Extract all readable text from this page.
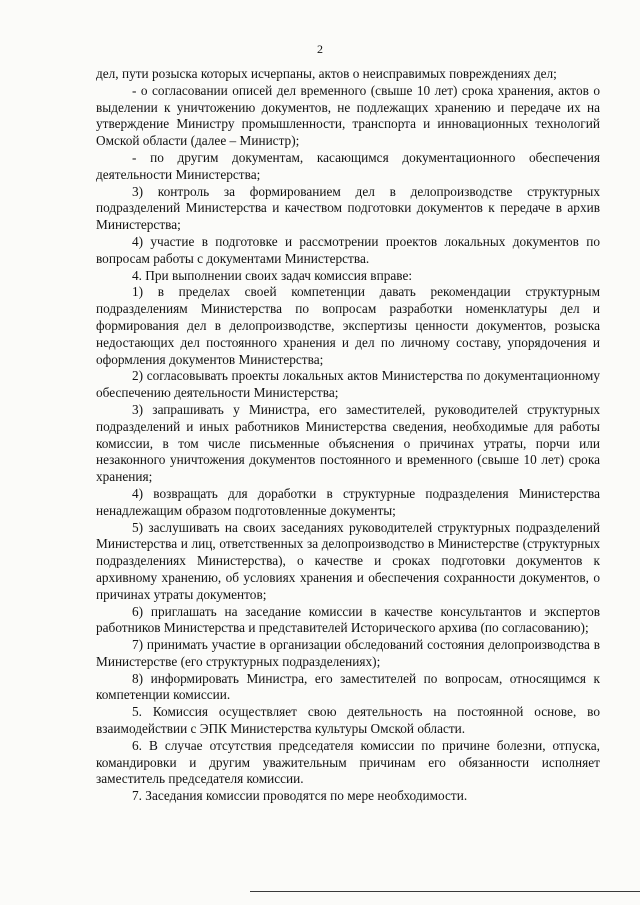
2

дел, пути розыска которых исчерпаны, актов о неисправимых повреждениях дел;

- о согласовании описей дел временного (свыше 10 лет) срока хранения, актов о выделении к уничтожению документов, не подлежащих хранению и передаче их на утверждение Министру промышленности, транспорта и инновационных технологий Омской области (далее – Министр);

- по другим документам, касающимся документационного обеспечения деятельности Министерства;

3) контроль за формированием дел в делопроизводстве структурных подразделений Министерства и качеством подготовки документов к передаче в архив Министерства;

4) участие в подготовке и рассмотрении проектов локальных документов по вопросам работы с документами Министерства.

4. При выполнении своих задач комиссия вправе:

1) в пределах своей компетенции давать рекомендации структурным подразделениям Министерства по вопросам разработки номенклатуры дел и формирования дел в делопроизводстве, экспертизы ценности документов, розыска недостающих дел постоянного хранения и дел по личному составу, упорядочения и оформления документов Министерства;

2) согласовывать проекты локальных актов Министерства по документационному обеспечению деятельности Министерства;

3) запрашивать у Министра, его заместителей, руководителей структурных подразделений и иных работников Министерства сведения, необходимые для работы комиссии, в том числе письменные объяснения о причинах утраты, порчи или незаконного уничтожения документов постоянного и временного (свыше 10 лет) срока хранения;

4) возвращать для доработки в структурные подразделения Министерства ненадлежащим образом подготовленные документы;

5) заслушивать на своих заседаниях руководителей структурных подразделений Министерства и лиц, ответственных за делопроизводство в Министерстве (структурных подразделениях Министерства), о качестве и сроках подготовки документов к архивному хранению, об условиях хранения и обеспечения сохранности документов, о причинах утраты документов;

6) приглашать на заседание комиссии в качестве консультантов и экспертов работников Министерства и представителей Исторического архива (по согласованию);

7) принимать участие в организации обследований состояния делопроизводства в Министерстве (его структурных подразделениях);

8) информировать Министра, его заместителей по вопросам, относящимся к компетенции комиссии.

5. Комиссия осуществляет свою деятельность на постоянной основе, во взаимодействии с ЭПК Министерства культуры Омской области.

6. В случае отсутствия председателя комиссии по причине болезни, отпуска, командировки и другим уважительным причинам его обязанности исполняет заместитель председателя комиссии.

7. Заседания комиссии проводятся по мере необходимости.
